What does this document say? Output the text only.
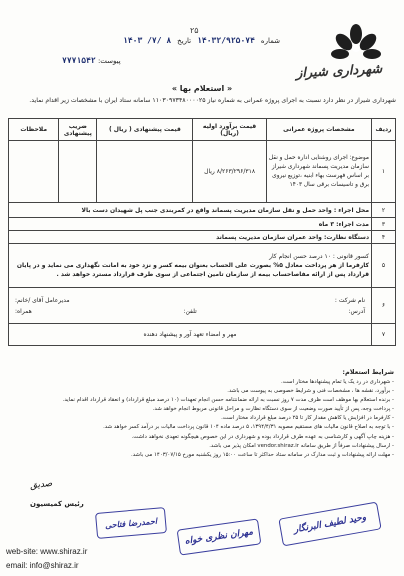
شهرداری شیراز
۲۵
شماره
۱۴۰۳۲/۹۲۵۰۷۴
تاریخ
۱۴۰۳ /۷/ ۸
پیوست: ۷۷۷۱۵۴۲
« استعلام بها »
شهرداری شیراز در نظر دارد نسبت به اجرای پروژه عمرانی به شماره نیاز ۱۱۰۳۰۹۷۳۴۸۰۰۰۰۲۵ سامانه ستاد ایران با مشخصات زیر اقدام نماید.
ردیف	مشخصات پروژه عمرانی	قیمت برآورد اولیه (ریال)	قیمت پیشنهادی ( ریال )	ضریب پیشنهادی	ملاحظات
۱	موضوع: اجرای روشنایی اداره حمل و نقل سازمان مدیریت پسماند شهرداری شیراز بر اساس فهرست بهاء ابنیه ،توزیع نیروی برق و تاسیسات برقی سال ۱۴۰۳	۸/۲۶۳/۲۹۶/۳۱۸ ریال			
۲	محل اجراء : واحد حمل و نقل سازمان مدیریت پسماند واقع در کمربندی جنب پل شهیدان دست بالا				
۳	مدت اجراء: ۳ ماه				
۴	دستگاه نظارت: واحد عمران سازمان مدیریت پسماند				
۵	کسور قانونی : ۱۰ درصد حسن انجام کار
کارفرما از هر پرداخت معادل ۵% بصورت علی الحساب بعنوان بیمه کسر و نزد خود به امانت نگهداری می نماید و در پایان قرارداد پس از ارائه مفاصاحساب بیمه از سازمان تامین اجتماعی از سوی طرف قرارداد مسترد خواهد شد .				

۶	نام شرکت :
مدیرعامل آقای /خانم:
آدرس:
تلفن:
همراه:				

۷	مهر و امضاء تعهد آور و پیشنهاد دهنده				
شرایط استعلام:
- شهرداری در رد یک یا تمام پیشنهادها مختار است.
- برآورد، نقشه ها ، مشخصات فنی و شرایط خصوصی به پیوست می باشد.
- برنده استعلام بها موظف است ظرف مدت ۷ روز نسبت به ارائه ضمانتنامه حسن انجام تعهدات (۱۰ درصد مبلغ قرارداد) و انعقاد قرارداد اقدام نماید.
- پرداخت وجه، پس از تأیید صورت وضعیت از سوی دستگاه نظارت و مراحل قانونی مربوط انجام خواهد شد.
- کارفرما در افزایش یا کاهش مقدار کار تا ۲۵ درصد مبلغ قرارداد مختار است.
- با توجه به اصلاح قانون مالیات های مستقیم مصوبه ۱۳۹۴/۴/۳۱، ۵ درصد ماده ۱۰۴ قانون پرداخت مالیات بر درآمد کسر خواهد شد.
- هزینه چاپ آگهی و کارشناسی به عهده طرف قرارداد بوده و شهرداری در این خصوص هیچگونه تعهدی نخواهد داشت.
- ارسال پیشنهادات صرفاً از طریق سامانه vendor.shiraz.ir امکان پذیر می باشد.
- مهلت ارائه پیشنهادات و ثبت مدارک در سامانه ستاد حداکثر تا ساعت ۱۵:۰۰ روز یکشنبه مورخ ۱۴۰۳/۰۷/۱۵ می باشد.
صدیق
رئیس کمیسیون
احمدرضا فتاحی
مهران نظری خواه
وحید لطیف البرنگار
web-site: www.shiraz.ir
email: info@shiraz.ir
